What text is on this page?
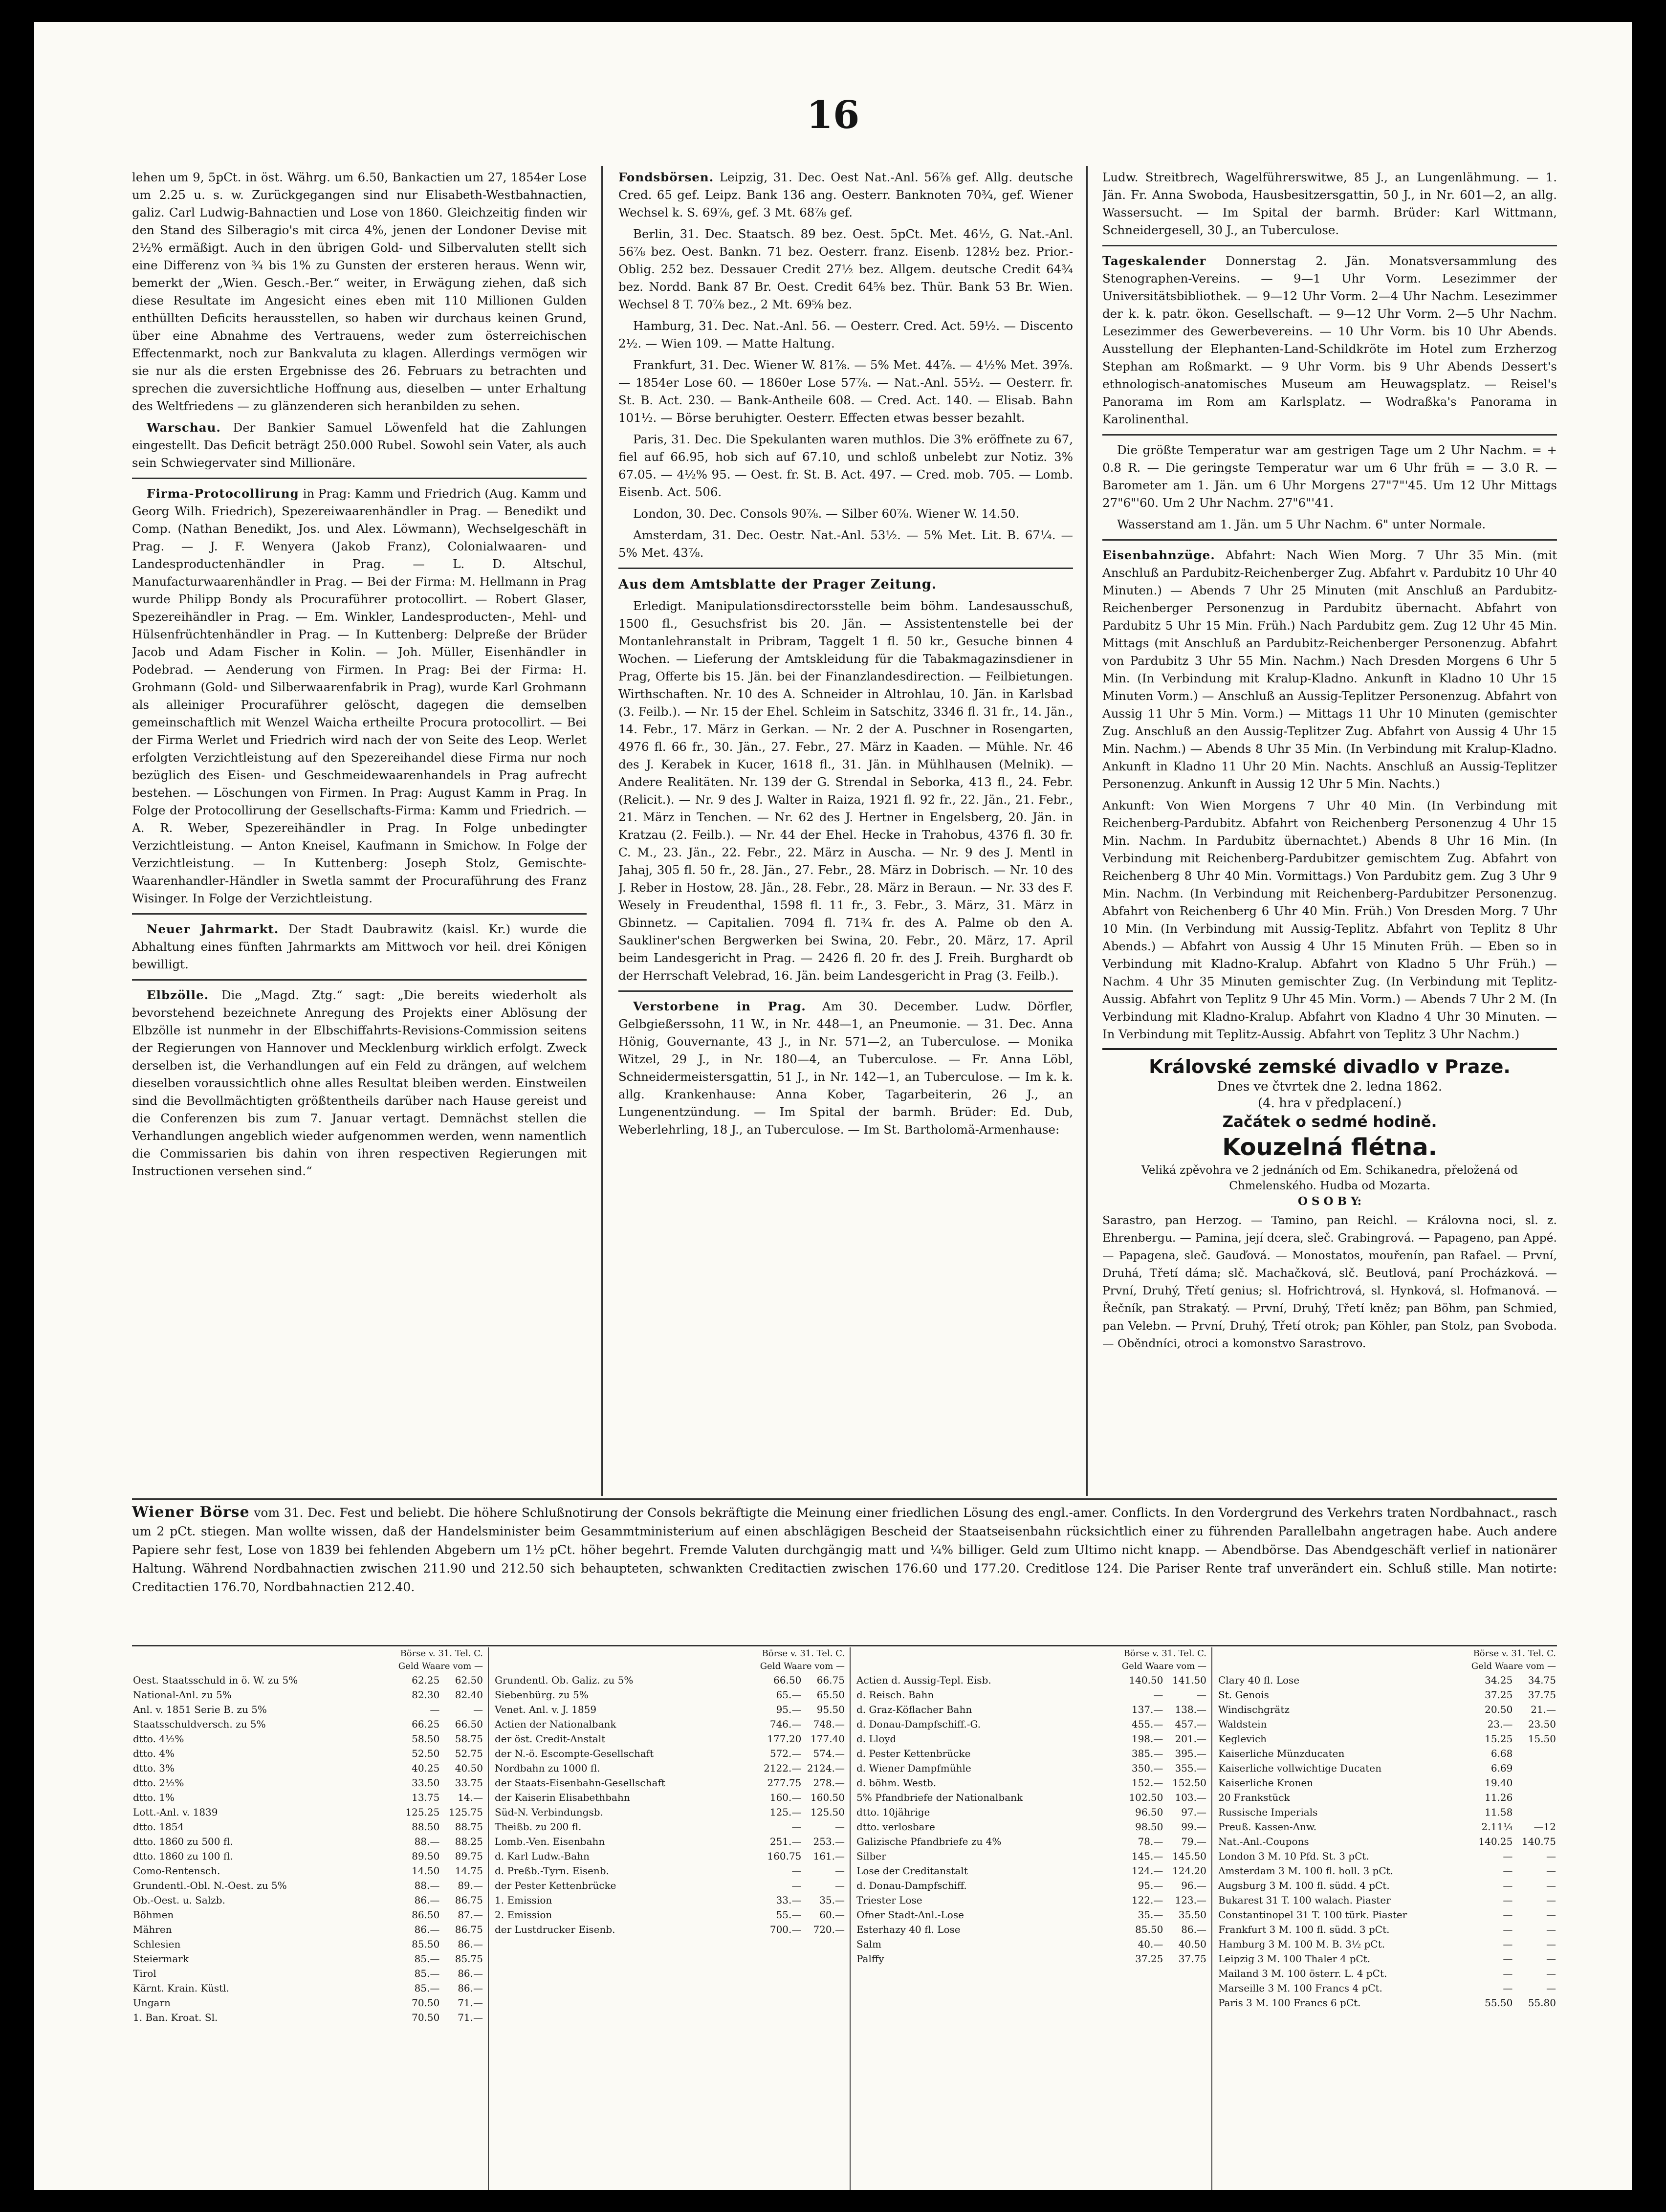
16

lehen um 9, 5pCt. in öst. Währg. um 6.50, Bankactien um 27, 1854er Lose um 2.25 u. s. w. Zurückgegangen sind nur Elisabeth-Westbahnactien, galiz. Carl Ludwig-Bahnactien und Lose von 1860. Gleichzeitig finden wir den Stand des Silberagio's mit circa 4%, jenen der Londoner Devise mit 2½% ermäßigt. Auch in den übrigen Gold- und Silbervaluten stellt sich eine Differenz von ¾ bis 1% zu Gunsten der ersteren heraus. Wenn wir, bemerkt der „Wien. Gesch.-Ber.“ weiter, in Erwägung ziehen, daß sich diese Resultate im Angesicht eines eben mit 110 Millionen Gulden enthüllten Deficits herausstellen, so haben wir durchaus keinen Grund, über eine Abnahme des Vertrauens, weder zum österreichischen Effectenmarkt, noch zur Bankvaluta zu klagen. Allerdings vermögen wir sie nur als die ersten Ergebnisse des 26. Februars zu betrachten und sprechen die zuversichtliche Hoffnung aus, dieselben — unter Erhaltung des Weltfriedens — zu glänzenderen sich heranbilden zu sehen.

Warschau. Der Bankier Samuel Löwenfeld hat die Zahlungen eingestellt. Das Deficit beträgt 250.000 Rubel. Sowohl sein Vater, als auch sein Schwiegervater sind Millionäre.

Firma-Protocollirung in Prag: Kamm und Friedrich (Aug. Kamm und Georg Wilh. Friedrich), Spezereiwaarenhändler in Prag. — Benedikt und Comp. (Nathan Benedikt, Jos. und Alex. Löwmann), Wechselgeschäft in Prag. — J. F. Wenyera (Jakob Franz), Colonialwaaren- und Landesproductenhändler in Prag. — L. D. Altschul, Manufacturwaarenhändler in Prag. — Bei der Firma: M. Hellmann in Prag wurde Philipp Bondy als Procuraführer protocollirt. — Robert Glaser, Spezereihändler in Prag. — Em. Winkler, Landesproducten-, Mehl- und Hülsenfrüchtenhändler in Prag. — In Kuttenberg: Delpreße der Brüder Jacob und Adam Fischer in Kolin. — Joh. Müller, Eisenhändler in Podebrad. — Aenderung von Firmen. In Prag: Bei der Firma: H. Grohmann (Gold- und Silberwaarenfabrik in Prag), wurde Karl Grohmann als alleiniger Procuraführer gelöscht, dagegen die demselben gemeinschaftlich mit Wenzel Waicha ertheilte Procura protocollirt. — Bei der Firma Werlet und Friedrich wird nach der von Seite des Leop. Werlet erfolgten Verzichtleistung auf den Spezereihandel diese Firma nur noch bezüglich des Eisen- und Geschmeidewaarenhandels in Prag aufrecht bestehen. — Löschungen von Firmen. In Prag: August Kamm in Prag. In Folge der Protocollirung der Gesellschafts-Firma: Kamm und Friedrich. — A. R. Weber, Spezereihändler in Prag. In Folge unbedingter Verzichtleistung. — Anton Kneisel, Kaufmann in Smichow. In Folge der Verzichtleistung. — In Kuttenberg: Joseph Stolz, Gemischte-Waarenhandler-Händler in Swetla sammt der Procuraführung des Franz Wisinger. In Folge der Verzichtleistung.

Neuer Jahrmarkt. Der Stadt Daubrawitz (kaisl. Kr.) wurde die Abhaltung eines fünften Jahrmarkts am Mittwoch vor heil. drei Königen bewilligt.

Elbzölle. Die „Magd. Ztg.“ sagt: „Die bereits wiederholt als bevorstehend bezeichnete Anregung des Projekts einer Ablösung der Elbzölle ist nunmehr in der Elbschiffahrts-Revisions-Commission seitens der Regierungen von Hannover und Mecklenburg wirklich erfolgt. Zweck derselben ist, die Verhandlungen auf ein Feld zu drängen, auf welchem dieselben voraussichtlich ohne alles Resultat bleiben werden. Einstweilen sind die Bevollmächtigten größtentheils darüber nach Hause gereist und die Conferenzen bis zum 7. Januar vertagt. Demnächst stellen die Verhandlungen angeblich wieder aufgenommen werden, wenn namentlich die Commissarien bis dahin von ihren respectiven Regierungen mit Instructionen versehen sind.“

Fondsbörsen. Leipzig, 31. Dec. Oest Nat.-Anl. 56⅞ gef. Allg. deutsche Cred. 65 gef. Leipz. Bank 136 ang. Oesterr. Banknoten 70¾, gef. Wiener Wechsel k. S. 69⅞, gef. 3 Mt. 68⅞ gef.

Berlin, 31. Dec. Staatsch. 89 bez. Oest. 5pCt. Met. 46½, G. Nat.-Anl. 56⅞ bez. Oest. Bankn. 71 bez. Oesterr. franz. Eisenb. 128½ bez. Prior.-Oblig. 252 bez. Dessauer Credit 27½ bez. Allgem. deutsche Credit 64¾ bez. Nordd. Bank 87 Br. Oest. Credit 64⅝ bez. Thür. Bank 53 Br. Wien. Wechsel 8 T. 70⅞ bez., 2 Mt. 69⅝ bez.

Hamburg, 31. Dec. Nat.-Anl. 56. — Oesterr. Cred. Act. 59½. — Discento 2½. — Wien 109. — Matte Haltung.

Frankfurt, 31. Dec. Wiener W. 81⅞. — 5% Met. 44⅞. — 4½% Met. 39⅞. — 1854er Lose 60. — 1860er Lose 57⅞. — Nat.-Anl. 55½. — Oesterr. fr. St. B. Act. 230. — Bank-Antheile 608. — Cred. Act. 140. — Elisab. Bahn 101½. — Börse beruhigter. Oesterr. Effecten etwas besser bezahlt.

Paris, 31. Dec. Die Spekulanten waren muthlos. Die 3% eröffnete zu 67, fiel auf 66.95, hob sich auf 67.10, und schloß unbelebt zur Notiz. 3% 67.05. — 4½% 95. — Oest. fr. St. B. Act. 497. — Cred. mob. 705. — Lomb. Eisenb. Act. 506.

London, 30. Dec. Consols 90⅞. — Silber 60⅞. Wiener W. 14.50.

Amsterdam, 31. Dec. Oestr. Nat.-Anl. 53½. — 5% Met. Lit. B. 67¼. — 5% Met. 43⅞.

Aus dem Amtsblatte der Prager Zeitung.

Erledigt. Manipulationsdirectorsstelle beim böhm. Landesausschuß, 1500 fl., Gesuchsfrist bis 20. Jän. — Assistentenstelle bei der Montanlehranstalt in Pribram, Taggelt 1 fl. 50 kr., Gesuche binnen 4 Wochen. — Lieferung der Amtskleidung für die Tabakmagazinsdiener in Prag, Offerte bis 15. Jän. bei der Finanzlandesdirection. — Feilbietungen. Wirthschaften. Nr. 10 des A. Schneider in Altrohlau, 10. Jän. in Karlsbad (3. Feilb.). — Nr. 15 der Ehel. Schleim in Satschitz, 3346 fl. 31 fr., 14. Jän., 14. Febr., 17. März in Gerkan. — Nr. 2 der A. Puschner in Rosengarten, 4976 fl. 66 fr., 30. Jän., 27. Febr., 27. März in Kaaden. — Mühle. Nr. 46 des J. Kerabek in Kucer, 1618 fl., 31. Jän. in Mühlhausen (Melnik). — Andere Realitäten. Nr. 139 der G. Strendal in Seborka, 413 fl., 24. Febr. (Relicit.). — Nr. 9 des J. Walter in Raiza, 1921 fl. 92 fr., 22. Jän., 21. Febr., 21. März in Tenchen. — Nr. 62 des J. Hertner in Engelsberg, 20. Jän. in Kratzau (2. Feilb.). — Nr. 44 der Ehel. Hecke in Trahobus, 4376 fl. 30 fr. C. M., 23. Jän., 22. Febr., 22. März in Auscha. — Nr. 9 des J. Mentl in Jahaj, 305 fl. 50 fr., 28. Jän., 27. Febr., 28. März in Dobrisch. — Nr. 10 des J. Reber in Hostow, 28. Jän., 28. Febr., 28. März in Beraun. — Nr. 33 des F. Wesely in Freudenthal, 1598 fl. 11 fr., 3. Febr., 3. März, 31. März in Gbinnetz. — Capitalien. 7094 fl. 71¾ fr. des A. Palme ob den A. Saukliner'schen Bergwerken bei Swina, 20. Febr., 20. März, 17. April beim Landesgericht in Prag. — 2426 fl. 20 fr. des J. Freih. Burghardt ob der Herrschaft Velebrad, 16. Jän. beim Landesgericht in Prag (3. Feilb.).

Verstorbene in Prag. Am 30. December. Ludw. Dörfler, Gelbgießerssohn, 11 W., in Nr. 448—1, an Pneumonie. — 31. Dec. Anna Hönig, Gouvernante, 43 J., in Nr. 571—2, an Tuberculose. — Monika Witzel, 29 J., in Nr. 180—4, an Tuberculose. — Fr. Anna Löbl, Schneidermeistersgattin, 51 J., in Nr. 142—1, an Tuberculose. — Im k. k. allg. Krankenhause: Anna Kober, Tagarbeiterin, 26 J., an Lungenentzündung. — Im Spital der barmh. Brüder: Ed. Dub, Weberlehrling, 18 J., an Tuberculose. — Im St. Bartholomä-Armenhause:

Ludw. Streitbrech, Wagelführerswitwe, 85 J., an Lungenlähmung. — 1. Jän. Fr. Anna Swoboda, Hausbesitzersgattin, 50 J., in Nr. 601—2, an allg. Wassersucht. — Im Spital der barmh. Brüder: Karl Wittmann, Schneidergesell, 30 J., an Tuberculose.

Tageskalender Donnerstag 2. Jän. Monatsversammlung des Stenographen-Vereins. — 9—1 Uhr Vorm. Lesezimmer der Universitätsbibliothek. — 9—12 Uhr Vorm. 2—4 Uhr Nachm. Lesezimmer der k. k. patr. ökon. Gesellschaft. — 9—12 Uhr Vorm. 2—5 Uhr Nachm. Lesezimmer des Gewerbevereins. — 10 Uhr Vorm. bis 10 Uhr Abends. Ausstellung der Elephanten-Land-Schildkröte im Hotel zum Erzherzog Stephan am Roßmarkt. — 9 Uhr Vorm. bis 9 Uhr Abends Dessert's ethnologisch-anatomisches Museum am Heuwagsplatz. — Reisel's Panorama im Rom am Karlsplatz. — Wodraßka's Panorama in Karolinenthal.

Die größte Temperatur war am gestrigen Tage um 2 Uhr Nachm. = + 0.8 R. — Die geringste Temperatur war um 6 Uhr früh = — 3.0 R. — Barometer am 1. Jän. um 6 Uhr Morgens 27"7"'45. Um 12 Uhr Mittags 27"6"'60. Um 2 Uhr Nachm. 27"6"'41.

Wasserstand am 1. Jän. um 5 Uhr Nachm. 6" unter Normale.

Eisenbahnzüge. Abfahrt: Nach Wien Morg. 7 Uhr 35 Min. (mit Anschluß an Pardubitz-Reichenberger Zug. Abfahrt v. Pardubitz 10 Uhr 40 Minuten.) — Abends 7 Uhr 25 Minuten (mit Anschluß an Pardubitz-Reichenberger Personenzug in Pardubitz übernacht. Abfahrt von Pardubitz 5 Uhr 15 Min. Früh.) Nach Pardubitz gem. Zug 12 Uhr 45 Min. Mittags (mit Anschluß an Pardubitz-Reichenberger Personenzug. Abfahrt von Pardubitz 3 Uhr 55 Min. Nachm.) Nach Dresden Morgens 6 Uhr 5 Min. (In Verbindung mit Kralup-Kladno. Ankunft in Kladno 10 Uhr 15 Minuten Vorm.) — Anschluß an Aussig-Teplitzer Personenzug. Abfahrt von Aussig 11 Uhr 5 Min. Vorm.) — Mittags 11 Uhr 10 Minuten (gemischter Zug. Anschluß an den Aussig-Teplitzer Zug. Abfahrt von Aussig 4 Uhr 15 Min. Nachm.) — Abends 8 Uhr 35 Min. (In Verbindung mit Kralup-Kladno. Ankunft in Kladno 11 Uhr 20 Min. Nachts. Anschluß an Aussig-Teplitzer Personenzug. Ankunft in Aussig 12 Uhr 5 Min. Nachts.)

Ankunft: Von Wien Morgens 7 Uhr 40 Min. (In Verbindung mit Reichenberg-Pardubitz. Abfahrt von Reichenberg Personenzug 4 Uhr 15 Min. Nachm. In Pardubitz übernachtet.) Abends 8 Uhr 16 Min. (In Verbindung mit Reichenberg-Pardubitzer gemischtem Zug. Abfahrt von Reichenberg 8 Uhr 40 Min. Vormittags.) Von Pardubitz gem. Zug 3 Uhr 9 Min. Nachm. (In Verbindung mit Reichenberg-Pardubitzer Personenzug. Abfahrt von Reichenberg 6 Uhr 40 Min. Früh.) Von Dresden Morg. 7 Uhr 10 Min. (In Verbindung mit Aussig-Teplitz. Abfahrt von Teplitz 8 Uhr Abends.) — Abfahrt von Aussig 4 Uhr 15 Minuten Früh. — Eben so in Verbindung mit Kladno-Kralup. Abfahrt von Kladno 5 Uhr Früh.) — Nachm. 4 Uhr 35 Minuten gemischter Zug. (In Verbindung mit Teplitz-Aussig. Abfahrt von Teplitz 9 Uhr 45 Min. Vorm.) — Abends 7 Uhr 2 M. (In Verbindung mit Kladno-Kralup. Abfahrt von Kladno 4 Uhr 30 Minuten. — In Verbindung mit Teplitz-Aussig. Abfahrt von Teplitz 3 Uhr Nachm.)

Královské zemské divadlo v Praze.
Dnes ve čtvrtek dne 2. ledna 1862.
(4. hra v předplacení.)
Začátek o sedmé hodině.
Kouzelná flétna.
Veliká zpěvohra ve 2 jednáních od Em. Schikanedra, přeložená od Chmelenského. Hudba od Mozarta.
O S O B Y:
Sarastro, pan Herzog. — Tamino, pan Reichl. — Královna noci, sl. z. Ehrenbergu. — Pamina, její dcera, sleč. Grabingrová. — Papageno, pan Appé. — Papagena, sleč. Gauďová. — Monostatos, mouřenín, pan Rafael. — První, Druhá, Třetí dáma; slč. Machačková, slč. Beutlová, paní Procházková. — První, Druhý, Třetí genius; sl. Hofrichtrová, sl. Hynková, sl. Hofmanová. — Řečník, pan Strakatý. — První, Druhý, Třetí kněz; pan Böhm, pan Schmied, pan Velebn. — První, Druhý, Třetí otrok; pan Köhler, pan Stolz, pan Svoboda. — Oběndníci, otroci a komonstvo Sarastrovo.
Wiener Börse vom 31. Dec. Fest und beliebt. Die höhere Schlußnotirung der Consols bekräftigte die Meinung einer friedlichen Lösung des engl.-amer. Conflicts. In den Vordergrund des Verkehrs traten Nordbahnact., rasch um 2 pCt. stiegen. Man wollte wissen, daß der Handelsminister beim Gesammtministerium auf einen abschlägigen Bescheid der Staatseisenbahn rücksichtlich einer zu führenden Parallelbahn angetragen habe. Auch andere Papiere sehr fest, Lose von 1839 bei fehlenden Abgebern um 1½ pCt. höher begehrt. Fremde Valuten durchgängig matt und ¼% billiger. Geld zum Ultimo nicht knapp. — Abendbörse. Das Abendgeschäft verlief in nationärer Haltung. Während Nordbahnactien zwischen 211.90 und 212.50 sich behaupteten, schwankten Creditactien zwischen 176.60 und 177.20. Creditlose 124. Die Pariser Rente traf unverändert ein. Schluß stille. Man notirte: Creditactien 176.70, Nordbahnactien 212.40.
	Börse v. 31. Tel. C.	
	Geld Waare vom —	
Oest. Staatsschuld in ö. W. zu 5%	62.25	62.50
National-Anl. zu 5%	82.30	82.40
Anl. v. 1851 Serie B. zu 5%	—	—
Staatsschuldversch. zu 5%	66.25	66.50
dtto. 4½%	58.50	58.75
dtto. 4%	52.50	52.75
dtto. 3%	40.25	40.50
dtto. 2½%	33.50	33.75
dtto. 1%	13.75	14.—
Lott.-Anl. v. 1839	125.25	125.75
dtto. 1854	88.50	88.75
dtto. 1860 zu 500 fl.	88.—	88.25
dtto. 1860 zu 100 fl.	89.50	89.75
Como-Rentensch.	14.50	14.75
Grundentl.-Obl. N.-Oest. zu 5%	88.—	89.—
Ob.-Oest. u. Salzb.	86.—	86.75
Böhmen	86.50	87.—
Mähren	86.—	86.75
Schlesien	85.50	86.—
Steiermark	85.—	85.75
Tirol	85.—	86.—
Kärnt. Krain. Küstl.	85.—	86.—
Ungarn	70.50	71.—
1. Ban. Kroat. Sl.	70.50	71.—
	Börse v. 31. Tel. C.	
	Geld Waare vom —	
Grundentl. Ob. Galiz. zu 5%	66.50	66.75
Siebenbürg. zu 5%	65.—	65.50
Venet. Anl. v. J. 1859	95.—	95.50
Actien der Nationalbank	746.—	748.—
der öst. Credit-Anstalt	177.20	177.40
der N.-ö. Escompte-Gesellschaft	572.—	574.—
Nordbahn zu 1000 fl.	2122.—	2124.—
der Staats-Eisenbahn-Gesellschaft	277.75	278.—
der Kaiserin Elisabethbahn	160.—	160.50
Süd-N. Verbindungsb.	125.—	125.50
Theißb. zu 200 fl.	—	—
Lomb.-Ven. Eisenbahn	251.—	253.—
d. Karl Ludw.-Bahn	160.75	161.—
d. Preßb.-Tyrn. Eisenb.	—	—
der Pester Kettenbrücke	—	—
1. Emission	33.—	35.—
2. Emission	55.—	60.—
der Lustdrucker Eisenb.	700.—	720.—
	Börse v. 31. Tel. C.	
	Geld Waare vom —	
Actien d. Aussig-Tepl. Eisb.	140.50	141.50
d. Reisch. Bahn	—	—
d. Graz-Köflacher Bahn	137.—	138.—
d. Donau-Dampfschiff.-G.	455.—	457.—
d. Lloyd	198.—	201.—
d. Pester Kettenbrücke	385.—	395.—
d. Wiener Dampfmühle	350.—	355.—
d. böhm. Westb.	152.—	152.50
5% Pfandbriefe der Nationalbank	102.50	103.—
dtto. 10jährige	96.50	97.—
dtto. verlosbare	98.50	99.—
Galizische Pfandbriefe zu 4%	78.—	79.—
Silber	145.—	145.50
Lose der Creditanstalt	124.—	124.20
d. Donau-Dampfschiff.	95.—	96.—
Triester Lose	122.—	123.—
Ofner Stadt-Anl.-Lose	35.—	35.50
Esterhazy 40 fl. Lose	85.50	86.—
Salm	40.—	40.50
Palffy	37.25	37.75
	Börse v. 31. Tel. C.	
	Geld Waare vom —	
Clary 40 fl. Lose	34.25	34.75
St. Genois	37.25	37.75
Windischgrätz	20.50	21.—
Waldstein	23.—	23.50
Keglevich	15.25	15.50
Kaiserliche Münzducaten	6.68	
Kaiserliche vollwichtige Ducaten	6.69	
Kaiserliche Kronen	19.40	
20 Frankstück	11.26	
Russische Imperials	11.58	
Preuß. Kassen-Anw.	2.11¼	—12
Nat.-Anl.-Coupons	140.25	140.75
London 3 M. 10 Pfd. St. 3 pCt.	—	—
Amsterdam 3 M. 100 fl. holl. 3 pCt.	—	—
Augsburg 3 M. 100 fl. südd. 4 pCt.	—	—
Bukarest 31 T. 100 walach. Piaster	—	—
Constantinopel 31 T. 100 türk. Piaster	—	—
Frankfurt 3 M. 100 fl. südd. 3 pCt.	—	—
Hamburg 3 M. 100 M. B. 3½ pCt.	—	—
Leipzig 3 M. 100 Thaler 4 pCt.	—	—
Mailand 3 M. 100 österr. L. 4 pCt.	—	—
Marseille 3 M. 100 Francs 4 pCt.	—	—
Paris 3 M. 100 Francs 6 pCt.	55.50	55.80
